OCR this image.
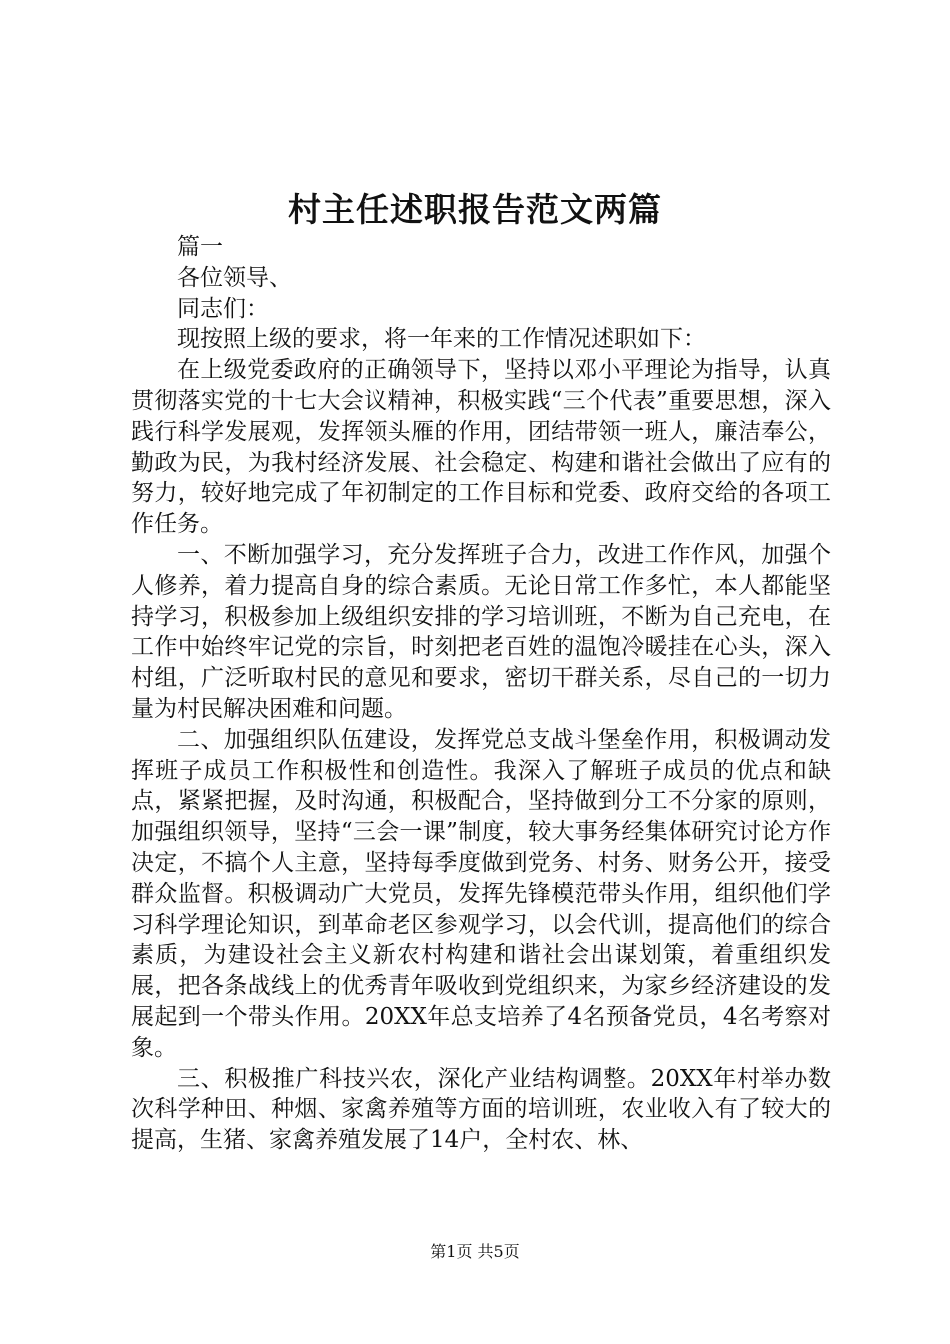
村主任述职报告范文两篇

篇一

各位领导、

同志们：

现按照上级的要求，将一年来的工作情况述职如下：

在上级党委政府的正确领导下，坚持以邓小平理论为指导，认真贯彻落实党的十七大会议精神，积极实践“三个代表”重要思想，深入践行科学发展观，发挥领头雁的作用，团结带领一班人，廉洁奉公，勤政为民，为我村经济发展、社会稳定、构建和谐社会做出了应有的努力，较好地完成了年初制定的工作目标和党委、政府交给的各项工作任务。

一、不断加强学习，充分发挥班子合力，改进工作作风，加强个人修养，着力提高自身的综合素质。无论日常工作多忙，本人都能坚持学习，积极参加上级组织安排的学习培训班，不断为自己充电，在工作中始终牢记党的宗旨，时刻把老百姓的温饱冷暖挂在心头，深入村组，广泛听取村民的意见和要求，密切干群关系，尽自己的一切力量为村民解决困难和问题。

二、加强组织队伍建设，发挥党总支战斗堡垒作用，积极调动发挥班子成员工作积极性和创造性。我深入了解班子成员的优点和缺点，紧紧把握，及时沟通，积极配合，坚持做到分工不分家的原则，加强组织领导，坚持“三会一课”制度，较大事务经集体研究讨论方作决定，不搞个人主意，坚持每季度做到党务、村务、财务公开，接受群众监督。积极调动广大党员，发挥先锋模范带头作用，组织他们学习科学理论知识，到革命老区参观学习，以会代训，提高他们的综合素质，为建设社会主义新农村构建和谐社会出谋划策，着重组织发展，把各条战线上的优秀青年吸收到党组织来，为家乡经济建设的发展起到一个带头作用。20XX年总支培养了4名预备党员，4名考察对象。

三、积极推广科技兴农，深化产业结构调整。20XX年村举办数次科学种田、种烟、家禽养殖等方面的培训班，农业收入有了较大的提高，生猪、家禽养殖发展了14户，全村农、林、

第1页 共5页
